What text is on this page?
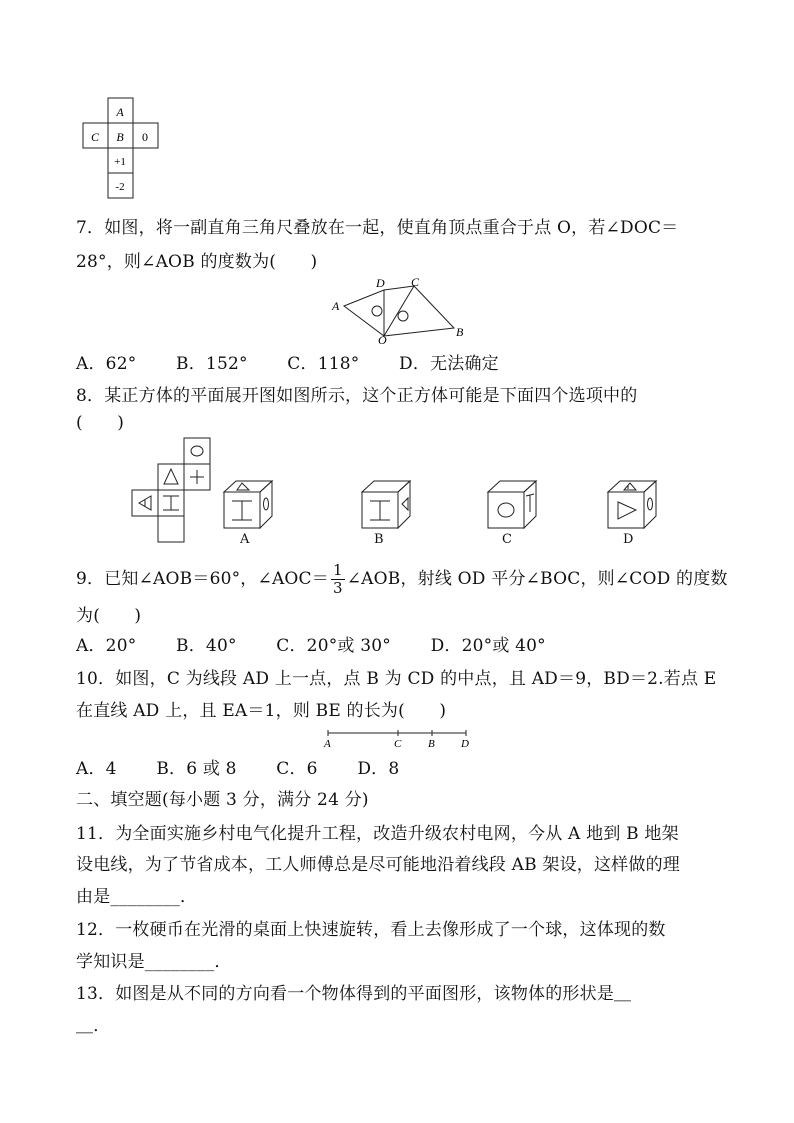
A
C B 0
+1
-2
7．如图，将一副直角三角尺叠放在一起，使直角顶点重合于点 O，若∠DOC＝
28°，则∠AOB 的度数为(　　)
A
D C
B
O
A．62° B．152° C．118° D．无法确定
8．某正方体的平面展开图如图所示，这个正方体可能是下面四个选项中的
(　　)
A	B	C	D
9．已知∠AOB＝60°，∠AOC＝ $\frac{1}{3}$ ∠AOB，射线 OD 平分∠BOC，则∠COD 的度数
为(　　)
A．20° B．40° C．20°或 30° D．20°或 40°
10．如图，C 为线段 AD 上一点，点 B 为 CD 的中点，且 AD＝9，BD＝2.若点 E
在直线 AD 上，且 EA＝1，则 BE 的长为(　　)
A	C B D
A．4 B．6 或 8 C．6 D．8
二、填空题(每小题 3 分，满分 24 分)
11．为全面实施乡村电气化提升工程，改造升级农村电网，今从 A 地到 B 地架
设电线，为了节省成本，工人师傅总是尽可能地沿着线段 AB 架设，这样做的理
由是________．
12．一枚硬币在光滑的桌面上快速旋转，看上去像形成了一个球，这体现的数
学知识是________．
13．如图是从不同的方向看一个物体得到的平面图形，该物体的形状是＿
＿．
